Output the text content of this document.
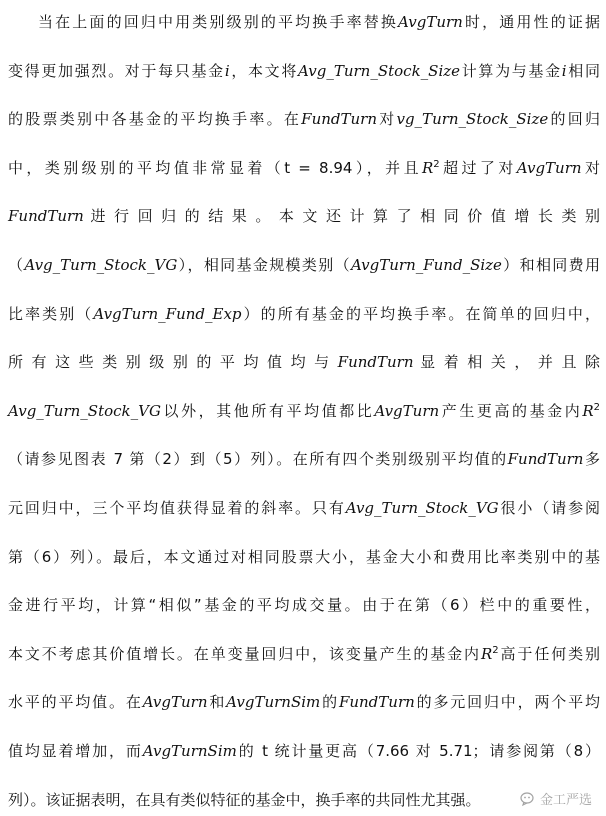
当在上面的回归中用类别级别的平均换手率替换AvgTurn时，通用性的证据
变得更加强烈。对于每只基金i，本文将Avg_Turn_Stock_Size计算为与基金i相同
的股票类别中各基金的平均换手率。在FundTurn对vg_Turn_Stock_Size的回归
中，类别级别的平均值非常显着（t = 8.94），并且$R^2$超过了对AvgTurn对
FundTurn 进 行 回 归 的 结 果 。 本 文 还 计 算 了 相 同 价 值 增 长 类 别
（Avg_Turn_Stock_VG），相同基金规模类别（AvgTurn_Fund_Size）和相同费用
比率类别（AvgTurn_Fund_Exp）的所有基金的平均换手率。在简单的回归中，
所 有 这 些 类 别 级 别 的 平 均 值 均 与 FundTurn 显 着 相 关 ， 并 且 除
Avg_Turn_Stock_VG以外，其他所有平均值都比AvgTurn产生更高的基金内$R^2$
（请参见图表 7 第（2）到（5）列）。在所有四个类别级别平均值的FundTurn多
元回归中，三个平均值获得显着的斜率。只有Avg_Turn_Stock_VG很小（请参阅
第（6）列）。最后，本文通过对相同股票大小，基金大小和费用比率类别中的基
金进行平均，计算“相似”基金的平均成交量。由于在第（6）栏中的重要性，
本文不考虑其价值增长。在单变量回归中，该变量产生的基金内$R^2$高于任何类别
水平的平均值。在AvgTurn和AvgTurnSim的FundTurn的多元回归中，两个平均
值均显着增加，而AvgTurnSim的 t 统计量更高（7.66 对 5.71；请参阅第（8）
列）。该证据表明，在具有类似特征的基金中，换手率的共同性尤其强。	金工严选
